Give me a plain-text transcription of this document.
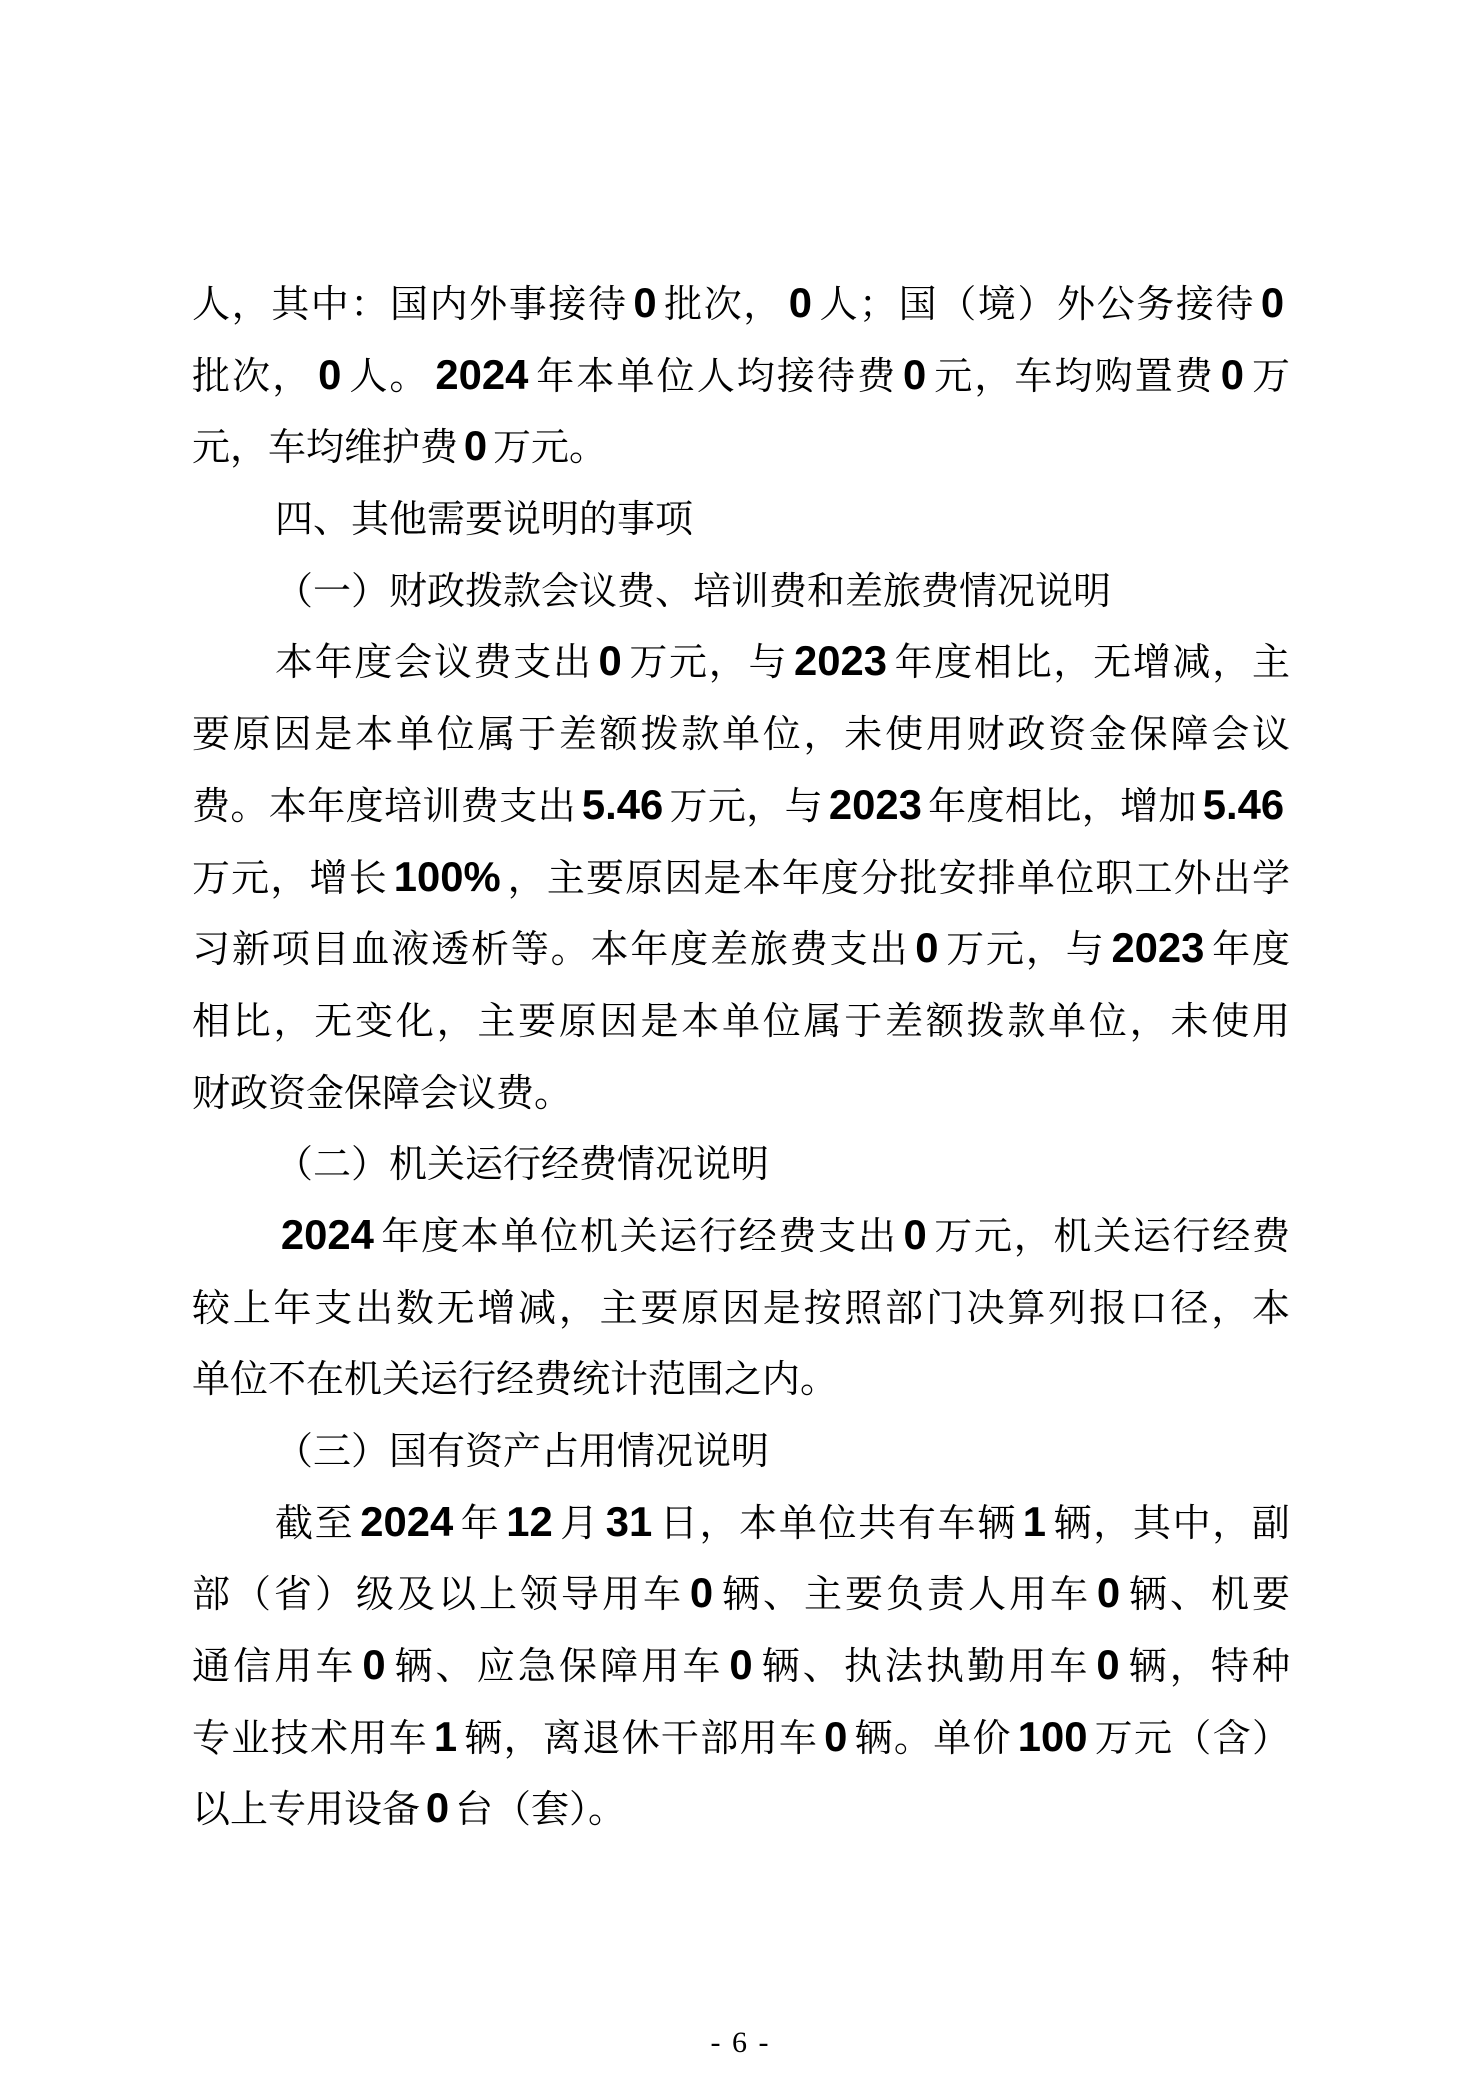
人，其中：国内外事接待 0 批次， 0 人；国（境）外公务接待 0
批次， 0 人。 2024 年本单位人均接待费 0 元，车均购置费 0 万
元，车均维护费 0 万元。
四、其他需要说明的事项
（一）财政拨款会议费、培训费和差旅费情况说明
本年度会议费支出 0 万元，与 2023 年度相比，无增减，主
要原因是本单位属于差额拨款单位，未使用财政资金保障会议
费。本年度培训费支出 5.46 万元，与 2023 年度相比，增加 5.46
万元，增长 100% ，主要原因是本年度分批安排单位职工外出学
习新项目血液透析等。本年度差旅费支出 0 万元，与 2023 年度
相比，无变化，主要原因是本单位属于差额拨款单位，未使用
财政资金保障会议费。
（二）机关运行经费情况说明
2024 年度本单位机关运行经费支出 0 万元，机关运行经费
较上年支出数无增减，主要原因是按照部门决算列报口径，本
单位不在机关运行经费统计范围之内。
（三）国有资产占用情况说明
截至 2024 年 12 月 31 日，本单位共有车辆 1 辆，其中，副
部（省）级及以上领导用车 0 辆、主要负责人用车 0 辆、机要
通信用车 0 辆、应急保障用车 0 辆、执法执勤用车 0 辆，特种
专业技术用车 1 辆，离退休干部用车 0 辆。单价 100 万元（含）
以上专用设备 0 台（套）。
- 6 -
